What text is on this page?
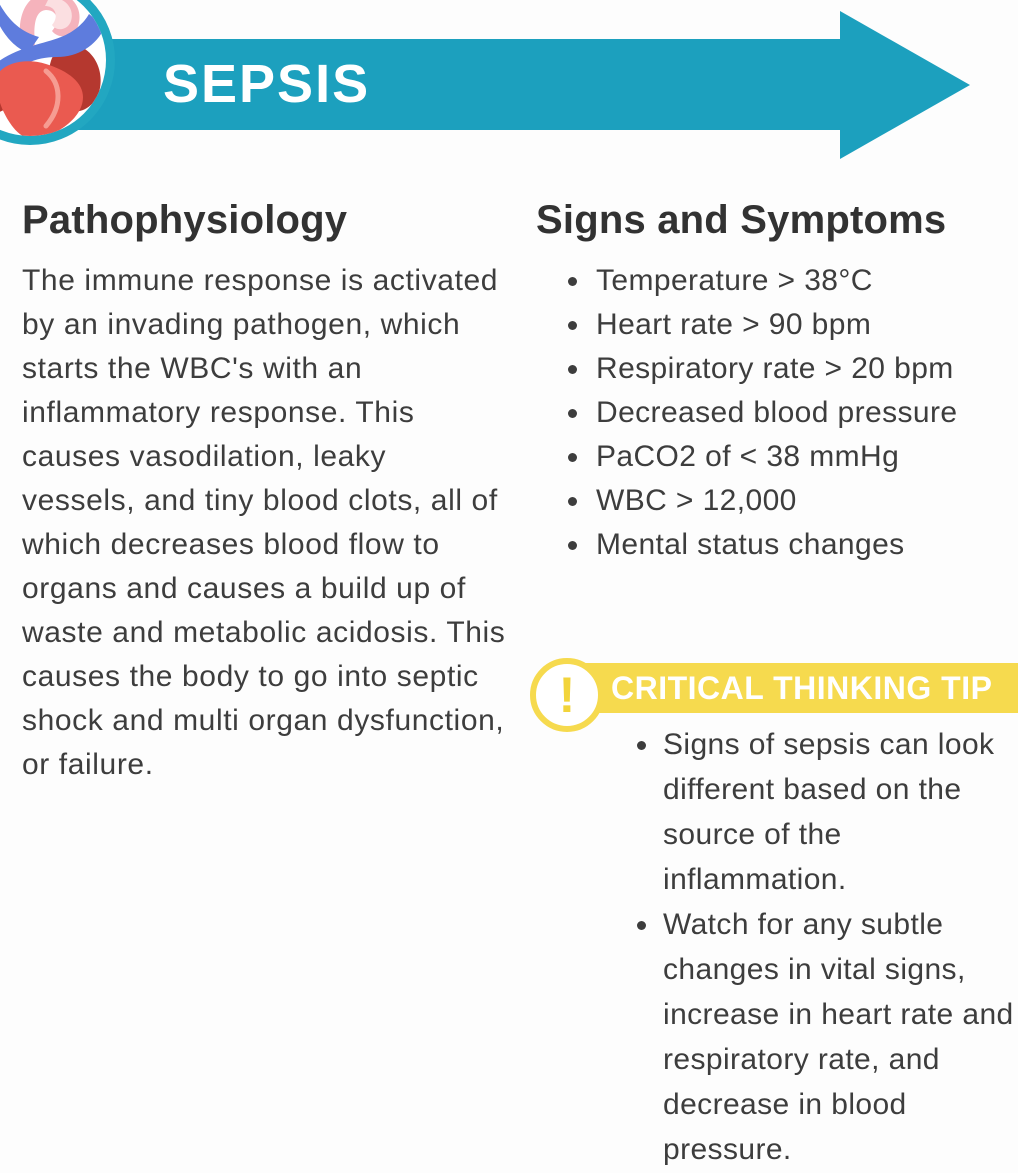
SEPSIS
Pathophysiology
The immune response is activated by an invading pathogen, which starts the WBC's with an inflammatory response. This causes vasodilation, leaky vessels, and tiny blood clots, all of which decreases blood flow to organs and causes a build up of waste and metabolic acidosis. This causes the body to go into septic shock and multi organ dysfunction, or failure.
Signs and Symptoms
Temperature > 38°C
Heart rate > 90 bpm
Respiratory rate > 20 bpm
Decreased blood pressure
PaCO2 of < 38 mmHg
WBC > 12,000
Mental status changes
CRITICAL THINKING TIP
!
Signs of sepsis can look different based on the source of the inflammation.
Watch for any subtle changes in vital signs, increase in heart rate and respiratory rate, and decrease in blood pressure.
